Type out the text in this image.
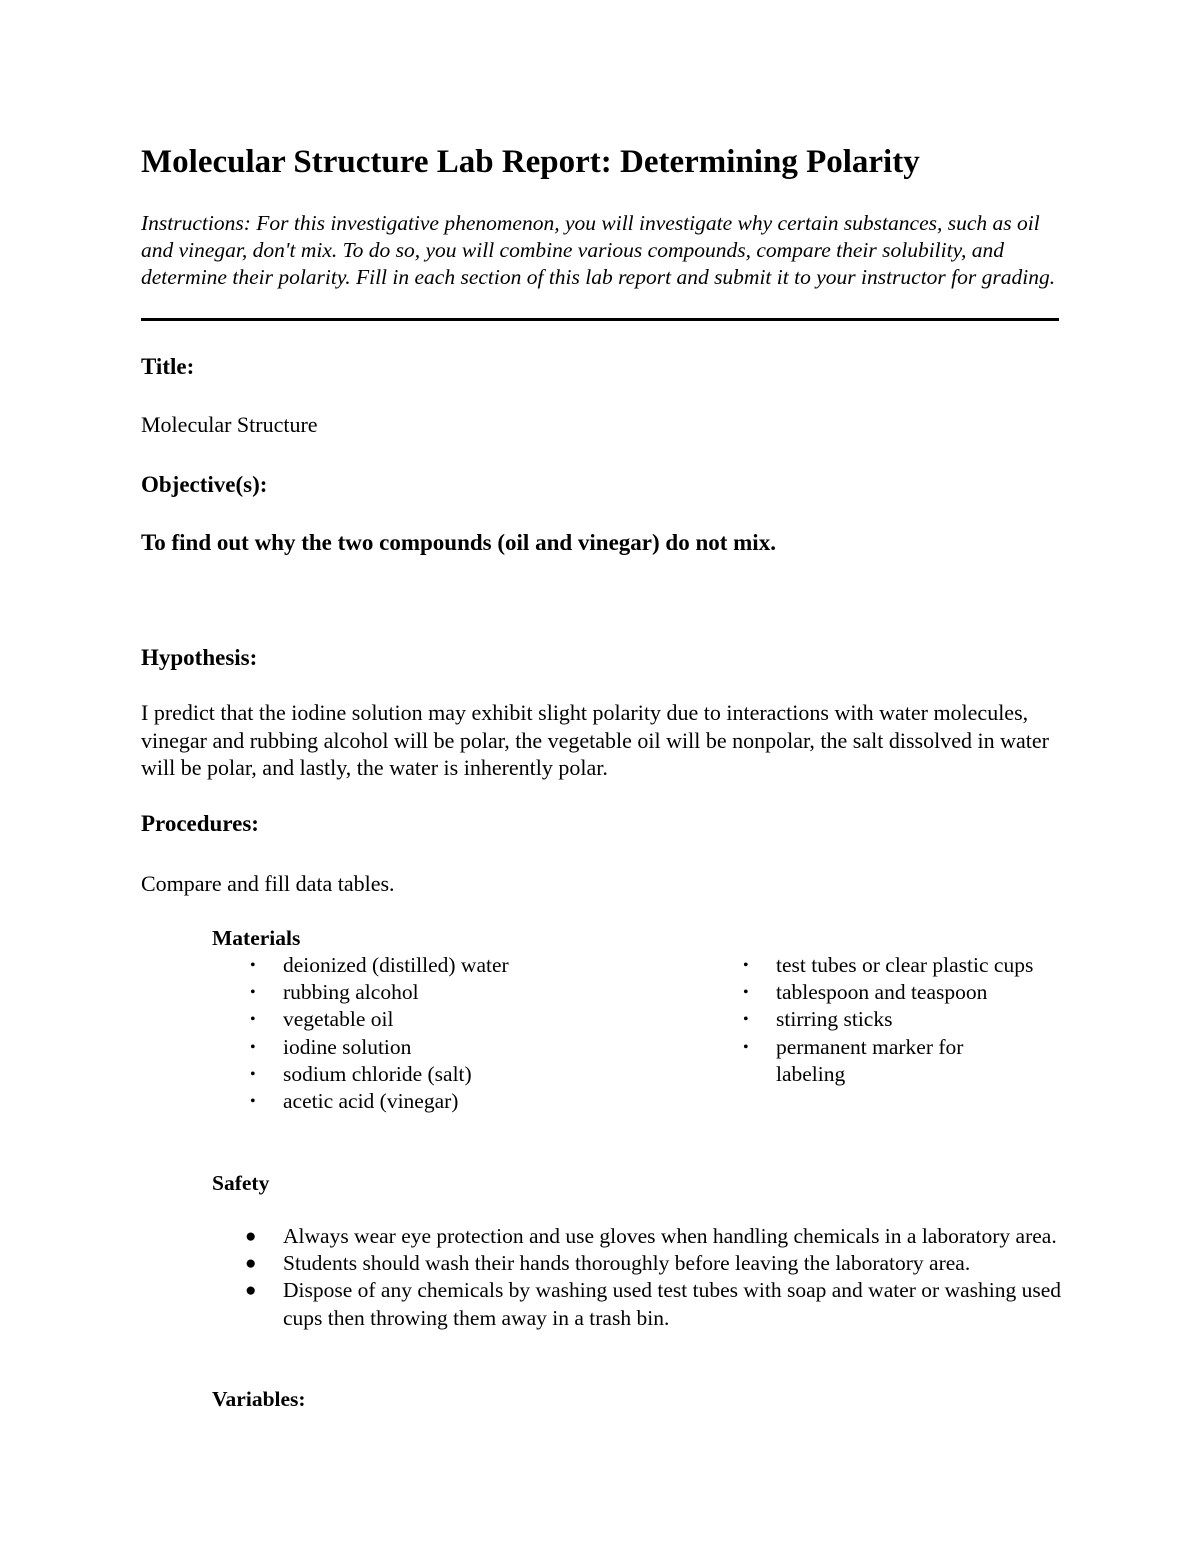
Molecular Structure Lab Report: Determining Polarity

Instructions: For this investigative phenomenon, you will investigate why certain substances, such as oil and vinegar, don't mix. To do so, you will combine various compounds, compare their solubility, and determine their polarity. Fill in each section of this lab report and submit it to your instructor for grading.

Title:

Molecular Structure

Objective(s):

To find out why the two compounds (oil and vinegar) do not mix.

Hypothesis:

I predict that the iodine solution may exhibit slight polarity due to interactions with water molecules, vinegar and rubbing alcohol will be polar, the vegetable oil will be nonpolar, the salt dissolved in water will be polar, and lastly, the water is inherently polar.

Procedures:

Compare and fill data tables.

Materials
• deionized (distilled) water
• rubbing alcohol
• vegetable oil
• iodine solution
• sodium chloride (salt)
• acetic acid (vinegar)
• test tubes or clear plastic cups
• tablespoon and teaspoon
• stirring sticks
• permanent marker for labeling
Safety
● Always wear eye protection and use gloves when handling chemicals in a laboratory area.
● Students should wash their hands thoroughly before leaving the laboratory area.
● Dispose of any chemicals by washing used test tubes with soap and water or washing used cups then throwing them away in a trash bin.
Variables:
